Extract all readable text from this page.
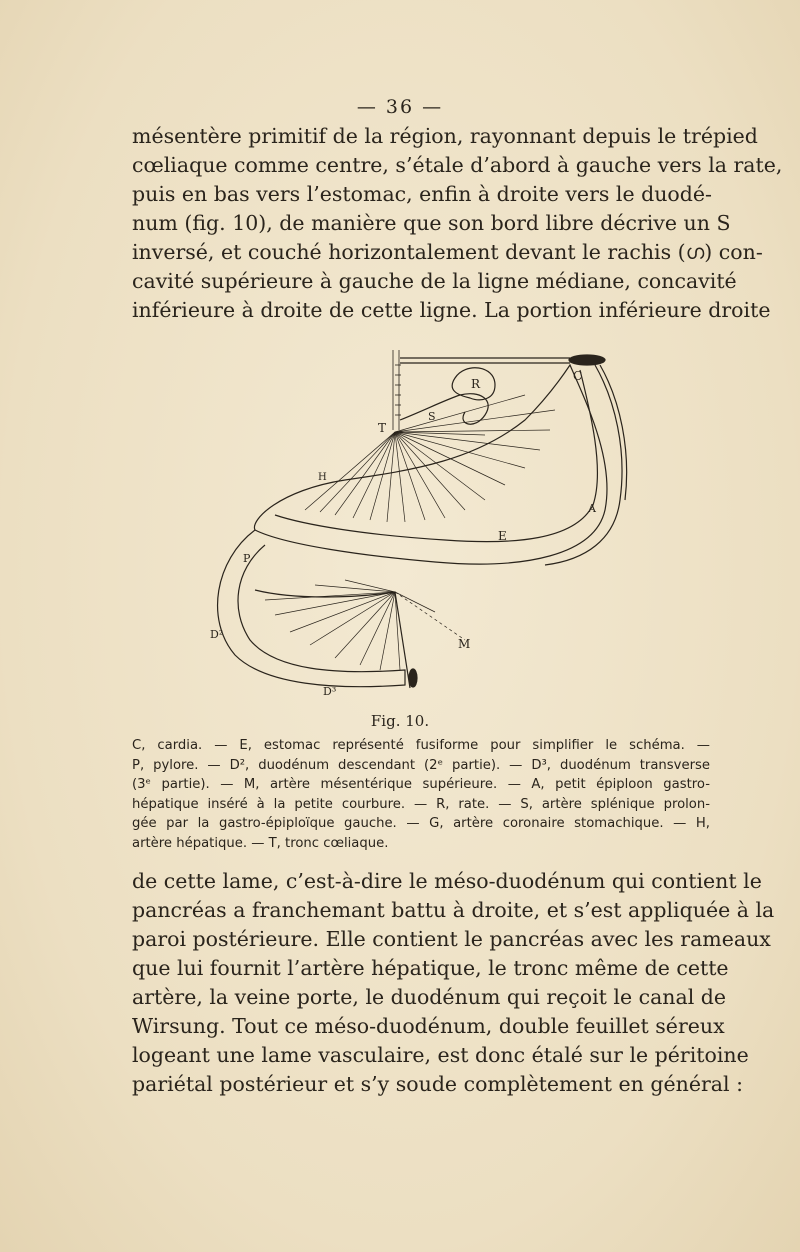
— 36 —

mésentère primitif de la région, rayonnant depuis le trépied
cœliaque comme centre, s’étale d’abord à gauche vers la rate,
puis en bas vers l’estomac, enfin à droite vers le duodé-
num (fig. 10), de manière que son bord libre décrive un S
inversé, et couché horizontalement devant le rachis (ഗ) con-
cavité supérieure à gauche de la ligne médiane, concavité
inférieure à droite de cette ligne. La portion inférieure droite

C
R
S
T
H
E
A
P
D²
D³
M
Fig. 10.

C, cardia. — E, estomac représenté fusiforme pour simplifier le schéma. —
P, pylore. — D², duodénum descendant (2ᵉ partie). — D³, duodénum transverse
(3ᵉ partie). — M, artère mésentérique supérieure. — A, petit épiploon gastro-
hépatique inséré à la petite courbure. — R, rate. — S, artère splénique prolon-
gée par la gastro-épiploïque gauche. — G, artère coronaire stomachique. — H,
artère hépatique. — T, tronc cœliaque.

de cette lame, c’est-à-dire le méso-duodénum qui contient le
pancréas a franchemant battu à droite, et s’est appliquée à la
paroi postérieure. Elle contient le pancréas avec les rameaux
que lui fournit l’artère hépatique, le tronc même de cette
artère, la veine porte, le duodénum qui reçoit le canal de
Wirsung. Tout ce méso-duodénum, double feuillet séreux
logeant une lame vasculaire, est donc étalé sur le péritoine
pariétal postérieur et s’y soude complètement en général :
